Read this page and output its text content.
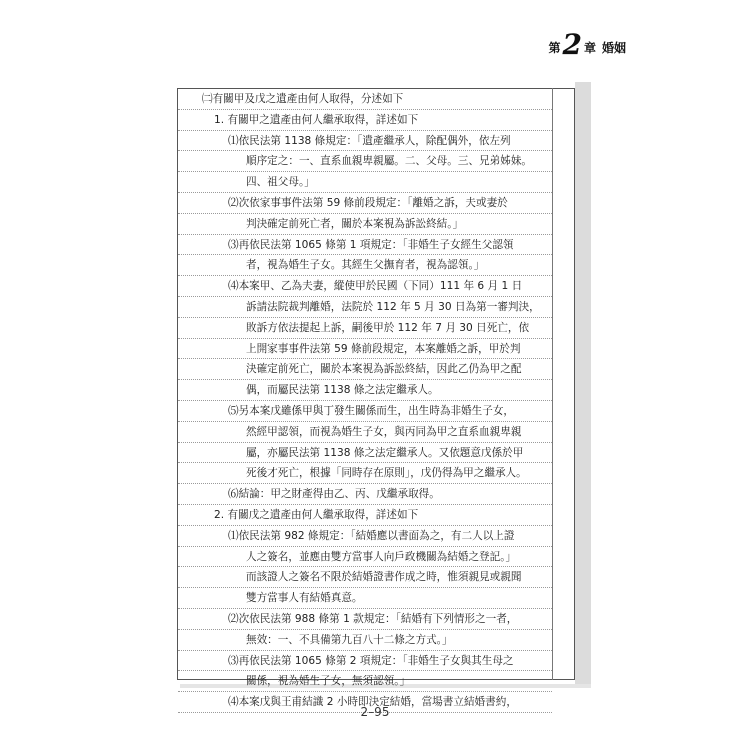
第 2 章 婚姻
㈡有關甲及戊之遺產由何人取得，分述如下
1. 有關甲之遺產由何人繼承取得，詳述如下
⑴依民法第 1138 條規定：「遺產繼承人，除配偶外，依左列
順序定之：一、直系血親卑親屬。二、父母。三、兄弟姊妹。
四、祖父母。」
⑵次依家事事件法第 59 條前段規定：「離婚之訴，夫或妻於
判決確定前死亡者，關於本案視為訴訟終結。」
⑶再依民法第 1065 條第 1 項規定：「非婚生子女經生父認領
者，視為婚生子女。其經生父撫育者，視為認領。」
⑷本案甲、乙為夫妻，縱使甲於民國（下同）111 年 6 月 1 日
訴請法院裁判離婚，法院於 112 年 5 月 30 日為第一審判決，
敗訴方依法提起上訴，嗣後甲於 112 年 7 月 30 日死亡，依
上開家事事件法第 59 條前段規定，本案離婚之訴，甲於判
決確定前死亡，關於本案視為訴訟終結，因此乙仍為甲之配
偶，而屬民法第 1138 條之法定繼承人。
⑸另本案戊雖係甲與丁發生關係而生，出生時為非婚生子女，
然經甲認領，而視為婚生子女，與丙同為甲之直系血親卑親
屬，亦屬民法第 1138 條之法定繼承人。又依題意戊係於甲
死後才死亡，根據「同時存在原則」，戊仍得為甲之繼承人。
⑹結論：甲之財產得由乙、丙、戊繼承取得。
2. 有關戊之遺產由何人繼承取得，詳述如下
⑴依民法第 982 條規定：「結婚應以書面為之，有二人以上證
人之簽名，並應由雙方當事人向戶政機關為結婚之登記。」
而該證人之簽名不限於結婚證書作成之時，惟須親見或親聞
雙方當事人有結婚真意。
⑵次依民法第 988 條第 1 款規定：「結婚有下列情形之一者，
無效：一、不具備第九百八十二條之方式。」
⑶再依民法第 1065 條第 2 項規定：「非婚生子女與其生母之
關係，視為婚生子女，無須認領。」
⑷本案戊與王甫結識 2 小時即決定結婚，當場書立結婚書約，
2–95
